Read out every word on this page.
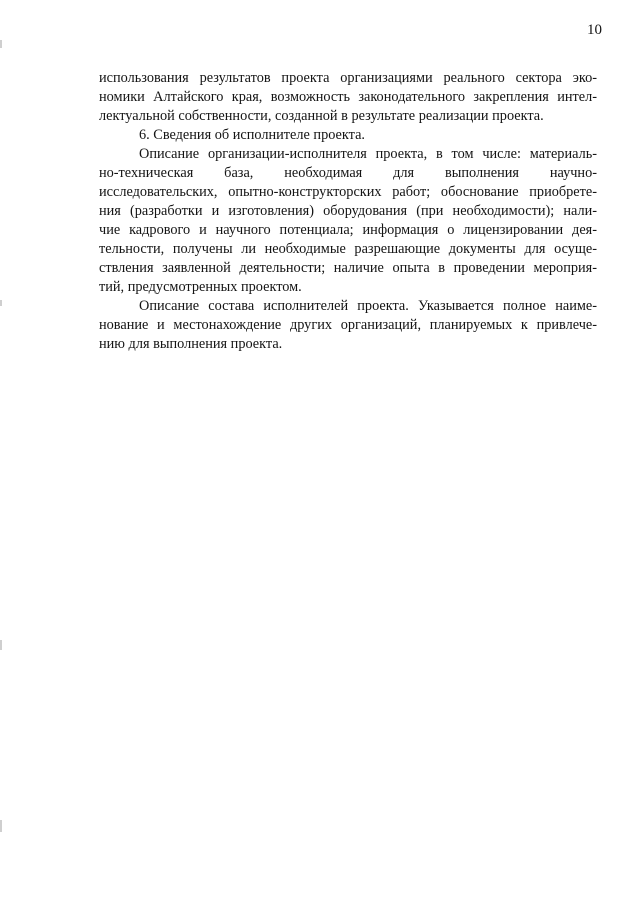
10
использования результатов проекта организациями реального сектора эко-
номики Алтайского края, возможность законодательного закрепления интел-
лектуальной собственности, созданной в результате реализации проекта.
6. Сведения об исполнителе проекта.
Описание организации-исполнителя проекта, в том числе: материаль-
но-техническая база, необходимая для выполнения научно-
исследовательских, опытно-конструкторских работ; обоснование приобрете-
ния (разработки и изготовления) оборудования (при необходимости); нали-
чие кадрового и научного потенциала; информация о лицензировании дея-
тельности, получены ли необходимые разрешающие документы для осуще-
ствления заявленной деятельности; наличие опыта в проведении мероприя-
тий, предусмотренных проектом.
Описание состава исполнителей проекта. Указывается полное наиме-
нование и местонахождение других организаций, планируемых к привлече-
нию для выполнения проекта.
